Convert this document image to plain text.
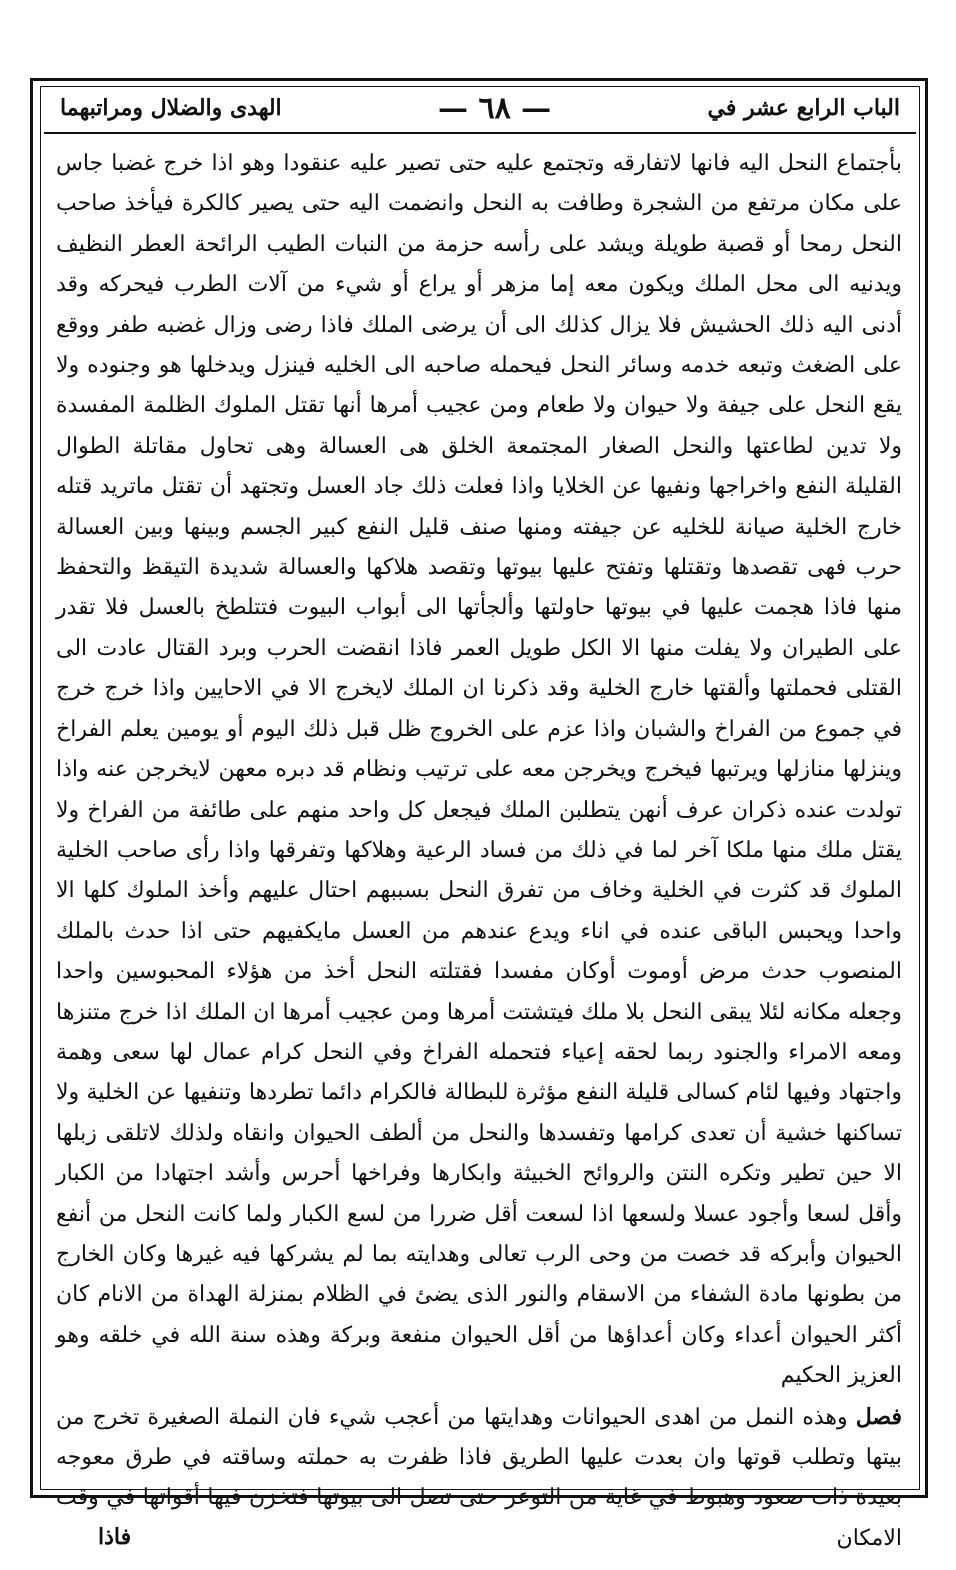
الباب الرابع عشر في
— ٦٨ —
الهدى والضلال ومراتبهما

بأجتماع النحل اليه فانها لاتفارقه وتجتمع عليه حتى تصير عليه عنقودا وهو اذا خرج غضبا جاس على مكان مرتفع من الشجرة وطافت به النحل وانضمت اليه حتى يصير كالكرة فيأخذ صاحب النحل رمحا أو قصبة طويلة ويشد على رأسه حزمة من النبات الطيب الرائحة العطر النظيف ويدنيه الى محل الملك ويكون معه إما مزهر أو يراع أو شيء من آلات الطرب فيحركه وقد أدنى اليه ذلك الحشيش فلا يزال كذلك الى أن يرضى الملك فاذا رضى وزال غضبه طفر ووقع على الضغث وتبعه خدمه وسائر النحل فيحمله صاحبه الى الخليه فينزل ويدخلها هو وجنوده ولا يقع النحل على جيفة ولا حيوان ولا طعام ومن عجيب أمرها أنها تقتل الملوك الظلمة المفسدة ولا تدين لطاعتها والنحل الصغار المجتمعة الخلق هى العسالة وهى تحاول مقاتلة الطوال القليلة النفع واخراجها ونفيها عن الخلايا واذا فعلت ذلك جاد العسل وتجتهد أن تقتل ماتريد قتله خارج الخلية صيانة للخليه عن جيفته ومنها صنف قليل النفع كبير الجسم وبينها وبين العسالة حرب فهى تقصدها وتقتلها وتفتح عليها بيوتها وتقصد هلاكها والعسالة شديدة التيقظ والتحفظ منها فاذا هجمت عليها في بيوتها حاولتها وألجأتها الى أبواب البيوت فتتلطخ بالعسل فلا تقدر على الطيران ولا يفلت منها الا الكل طويل العمر فاذا انقضت الحرب وبرد القتال عادت الى القتلى فحملتها وألقتها خارج الخلية وقد ذكرنا ان الملك لايخرج الا في الاحايين واذا خرج خرج في جموع من الفراخ والشبان واذا عزم على الخروج ظل قبل ذلك اليوم أو يومين يعلم الفراخ وينزلها منازلها ويرتبها فيخرج ويخرجن معه على ترتيب ونظام قد دبره معهن لايخرجن عنه واذا تولدت عنده ذكران عرف أنهن يتطلبن الملك فيجعل كل واحد منهم على طائفة من الفراخ ولا يقتل ملك منها ملكا آخر لما في ذلك من فساد الرعية وهلاكها وتفرقها واذا رأى صاحب الخلية الملوك قد كثرت في الخلية وخاف من تفرق النحل بسببهم احتال عليهم وأخذ الملوك كلها الا واحدا ويحبس الباقى عنده في اناء ويدع عندهم من العسل مايكفيهم حتى اذا حدث بالملك المنصوب حدث مرض أوموت أوكان مفسدا فقتلته النحل أخذ من هؤلاء المحبوسين واحدا وجعله مكانه لئلا يبقى النحل بلا ملك فيتشتت أمرها ومن عجيب أمرها ان الملك اذا خرج متنزها ومعه الامراء والجنود ربما لحقه إعياء فتحمله الفراخ وفي النحل كرام عمال لها سعى وهمة واجتهاد وفيها لئام كسالى قليلة النفع مؤثرة للبطالة فالكرام دائما تطردها وتنفيها عن الخلية ولا تساكنها خشية أن تعدى كرامها وتفسدها والنحل من ألطف الحيوان وانقاه ولذلك لاتلقى زبلها الا حين تطير وتكره النتن والروائح الخبيثة وابكارها وفراخها أحرس وأشد اجتهادا من الكبار وأقل لسعا وأجود عسلا ولسعها اذا لسعت أقل ضررا من لسع الكبار ولما كانت النحل من أنفع الحيوان وأبركه قد خصت من وحى الرب تعالى وهدايته بما لم يشركها فيه غيرها وكان الخارج من بطونها مادة الشفاء من الاسقام والنور الذى يضئ في الظلام بمنزلة الهداة من الانام كان أكثر الحيوان أعداء وكان أعداؤها من أقل الحيوان منفعة وبركة وهذه سنة الله في خلقه وهو العزيز الحكيم

فصل وهذه النمل من اهدى الحيوانات وهدايتها من أعجب شيء فان النملة الصغيرة تخرج من بيتها وتطلب قوتها وان بعدت عليها الطريق فاذا ظفرت به حملته وساقته في طرق معوجه بعيدة ذات صعود وهبوط في غاية من التوعر حتى تصل الى بيوتها فتخزن فيها أقواتها في وقت الامكان

فاذا
